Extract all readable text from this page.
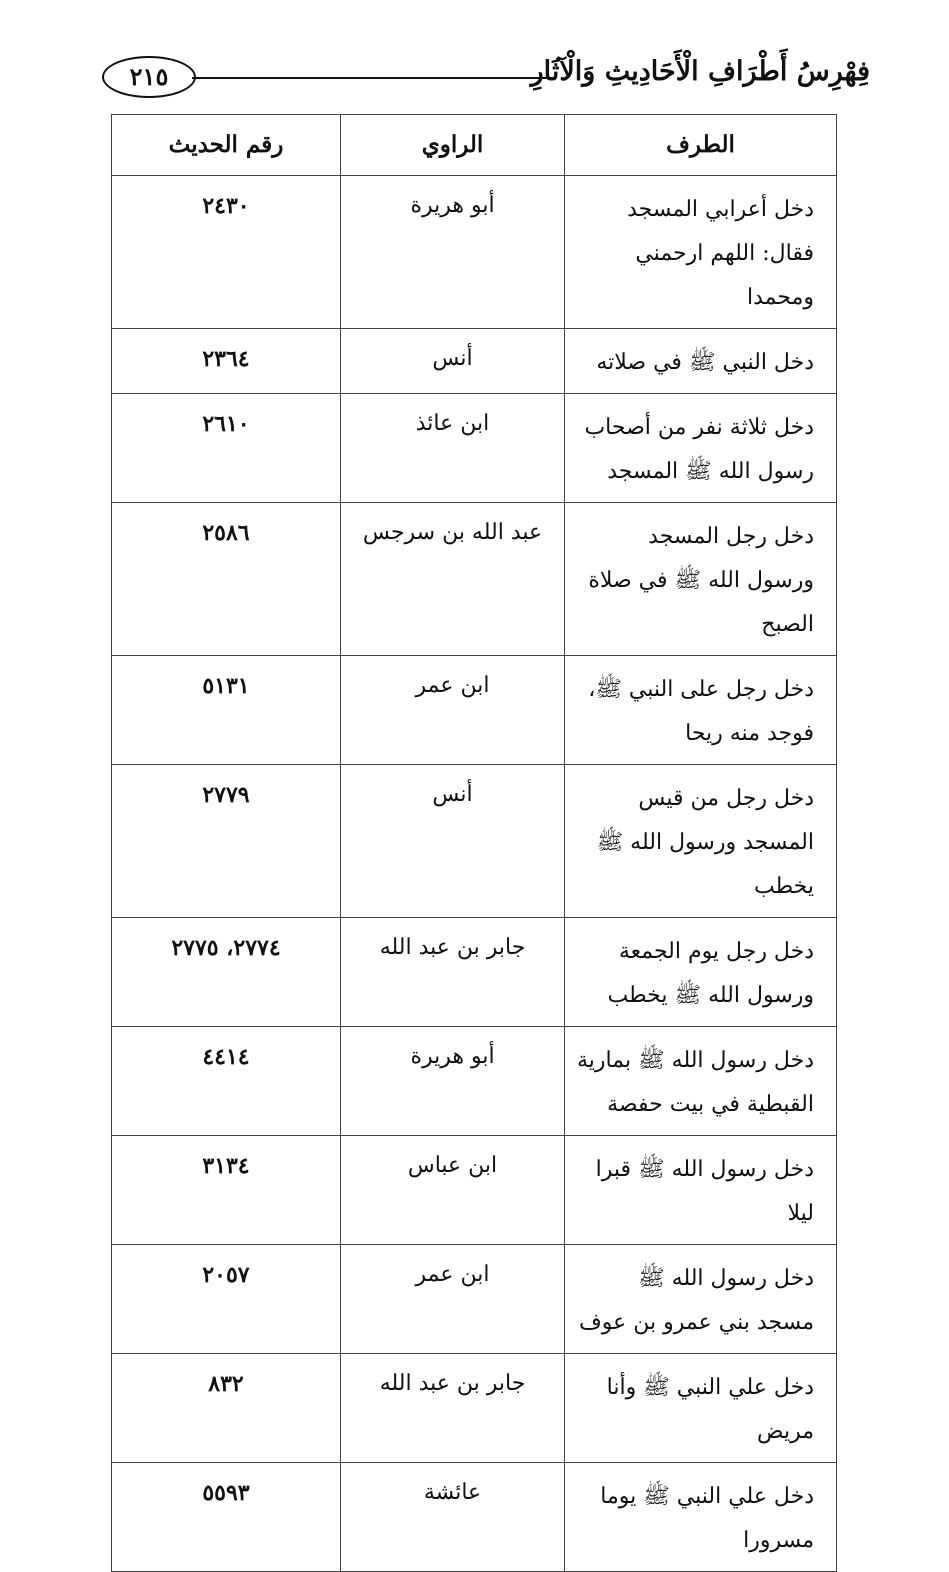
فِهْرِسُ أَطْرَافِ الْأَحَادِيثِ وَالْآثَارِ
٢١٥
الطرف	الراوي	رقم الحديث
دخل أعرابي المسجد فقال: اللهم ارحمني ومحمدا	أبو هريرة	٢٤٣٠
دخل النبي ﷺ في صلاته	أنس	٢٣٦٤
دخل ثلاثة نفر من أصحاب رسول الله ﷺ المسجد	ابن عائذ	٢٦١٠
دخل رجل المسجد ورسول الله ﷺ في صلاة الصبح	عبد الله بن سرجس	٢٥٨٦
دخل رجل على النبي ﷺ، فوجد منه ريحا	ابن عمر	٥١٣١
دخل رجل من قيس المسجد ورسول الله ﷺ يخطب	أنس	٢٧٧٩
دخل رجل يوم الجمعة ورسول الله ﷺ يخطب	جابر بن عبد الله	٢٧٧٤، ٢٧٧٥
دخل رسول الله ﷺ بمارية القبطية في بيت حفصة	أبو هريرة	٤٤١٤
دخل رسول الله ﷺ قبرا ليلا	ابن عباس	٣١٣٤
دخل رسول الله ﷺ مسجد بني عمرو بن عوف	ابن عمر	٢٠٥٧
دخل علي النبي ﷺ وأنا مريض	جابر بن عبد الله	٨٣٢
دخل علي النبي ﷺ يوما مسرورا	عائشة	٥٥٩٣
